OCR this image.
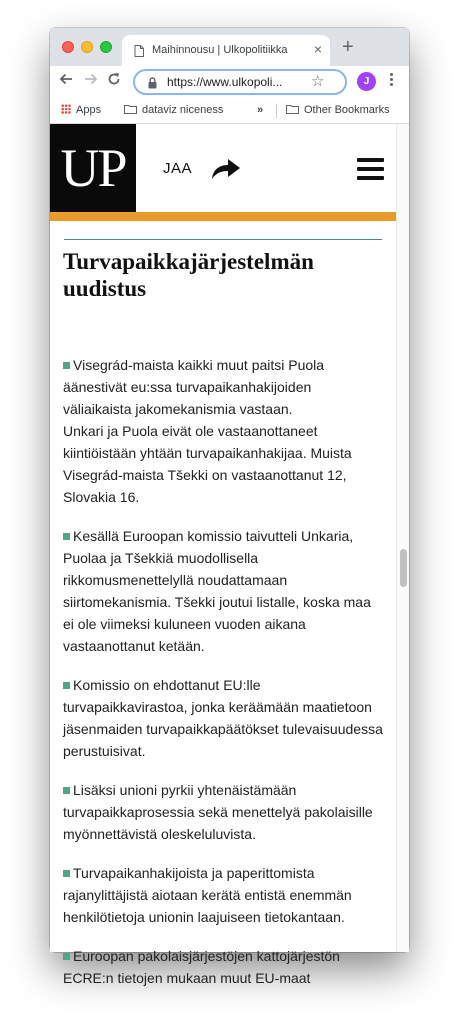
Maihinnousu | Ulkopolitiikka	× +
https://www.ulkopoli... ☆	J
Apps	dataviz niceness	»	Other Bookmarks
UP	JAA
Turvapaikkajärjestelmän uudistus

Visegrád-maista kaikki muut paitsi Puola äänestivät eu:ssa turvapaikanhakijoiden väliaikaista jakomekanismia vastaan.
Unkari ja Puola eivät ole vastaanottaneet kiintiöistään yhtään turvapaikanhakijaa. Muista Visegrád-maista Tšekki on vastaanottanut 12, Slovakia 16.

Kesällä Euroopan komissio taivutteli Unkaria, Puolaa ja Tšekkiä muodollisella rikkomusmenettelyllä noudattamaan siirtomekanismia. Tšekki joutui listalle, koska maa ei ole viimeksi kuluneen vuoden aikana vastaanottanut ketään.

Komissio on ehdottanut EU:lle turvapaikkavirastoa, jonka keräämään maatietoon jäsenmaiden turvapaikkapäätökset tulevaisuudessa perustuisivat.

Lisäksi unioni pyrkii yhtenäistämään turvapaikkaprosessia sekä menettelyä pakolaisille myönnettävistä oleskeluluvista.

Turvapaikanhakijoista ja paperittomista rajanylittäjistä aiotaan kerätä entistä enemmän henkilötietoja unionin laajuiseen tietokantaan.

Euroopan pakolaisjärjestöjen kattojärjestön ECRE:n tietojen mukaan muut EU-maat
